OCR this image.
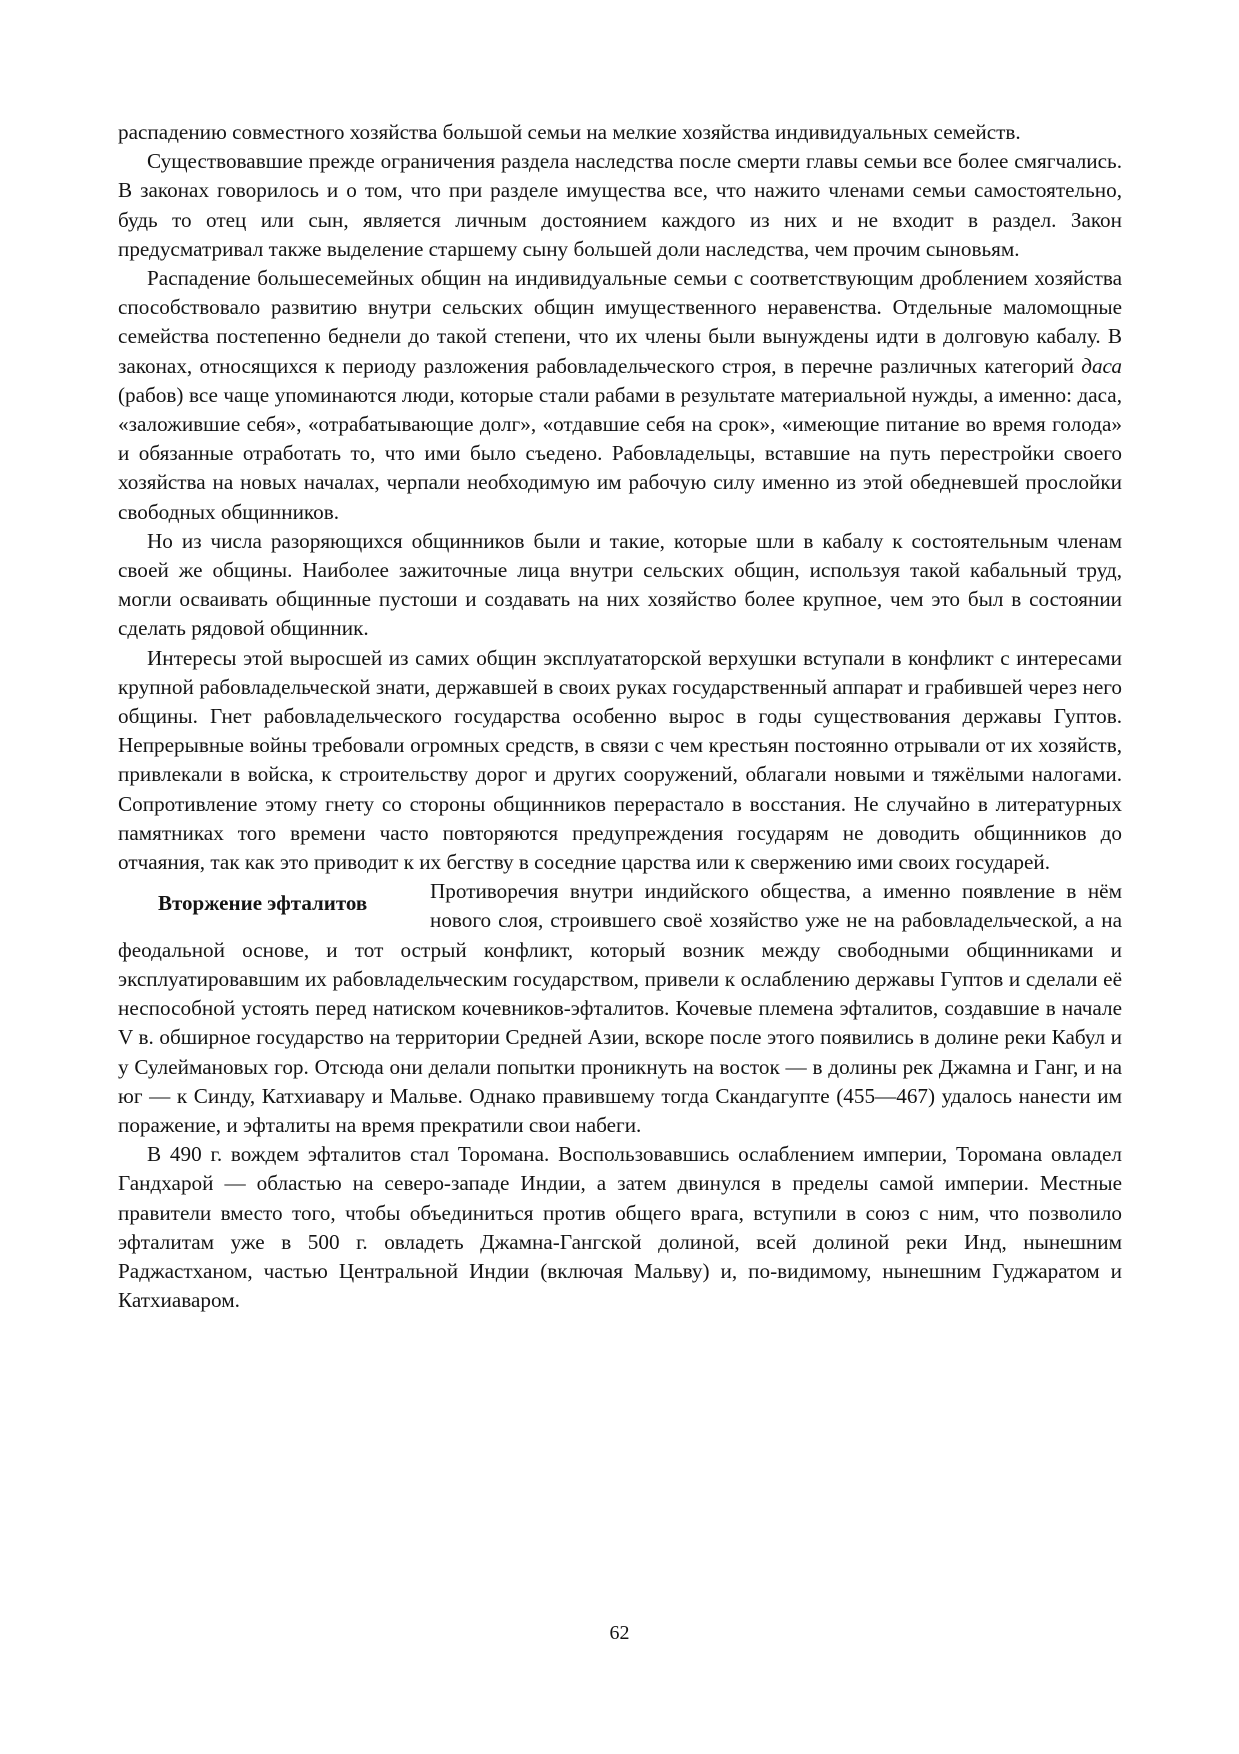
распадению совместного хозяйства большой семьи на мелкие хозяйства индивидуальных семейств.

Существовавшие прежде ограничения раздела наследства после смерти главы семьи все более смягчались. В законах говорилось и о том, что при разделе имущества все, что нажито членами семьи самостоятельно, будь то отец или сын, является личным достоянием каждого из них и не входит в раздел. Закон предусматривал также выделение старшему сыну большей доли наследства, чем прочим сыновьям.

Распадение большесемейных общин на индивидуальные семьи с соответствующим дроблением хозяйства способствовало развитию внутри сельских общин имущественного неравенства. Отдельные маломощные семейства постепенно беднели до такой степени, что их члены были вынуждены идти в долговую кабалу. В законах, относящихся к периоду разложения рабовладельческого строя, в перечне различных категорий даса (рабов) все чаще упоминаются люди, которые стали рабами в результате материальной нужды, а именно: даса, «заложившие себя», «отрабатывающие долг», «отдавшие себя на срок», «имеющие питание во время голода» и обязанные отработать то, что ими было съедено. Рабовладельцы, вставшие на путь перестройки своего хозяйства на новых началах, черпали необходимую им рабочую силу именно из этой обедневшей прослойки свободных общинников.

Но из числа разоряющихся общинников были и такие, которые шли в кабалу к состоятельным членам своей же общины. Наиболее зажиточные лица внутри сельских общин, используя такой кабальный труд, могли осваивать общинные пустоши и создавать на них хозяйство более крупное, чем это был в состоянии сделать рядовой общинник.

Интересы этой выросшей из самих общин эксплуататорской верхушки вступали в конфликт с интересами крупной рабовладельческой знати, державшей в своих руках государственный аппарат и грабившей через него общины. Гнет рабовладельческого государства особенно вырос в годы существования державы Гуптов. Непрерывные войны требовали огромных средств, в связи с чем крестьян постоянно отрывали от их хозяйств, привлекали в войска, к строительству дорог и других сооружений, облагали новыми и тяжёлыми налогами. Сопротивление этому гнету со стороны общинников перерастало в восстания. Не случайно в литературных памятниках того времени часто повторяются предупреждения государям не доводить общинников до отчаяния, так как это приводит к их бегству в соседние царства или к свержению ими своих государей.

Вторжение эфталитов	Противоречия внутри индийского общества, а именно появление в нём нового слоя, строившего своё хозяйство уже не на рабовладельческой, а на феодальной основе, и тот острый конфликт, который возник между свободными общинниками и эксплуатировавшим их рабовладельческим государством, привели к ослаблению державы Гуптов и сделали её неспособной устоять перед натиском кочевников-эфталитов. Кочевые племена эфталитов, создавшие в начале V в. обширное государство на территории Средней Азии, вскоре после этого появились в долине реки Кабул и у Сулеймановых гор. Отсюда они делали попытки проникнуть на восток — в долины рек Джамна и Ганг, и на юг — к Синду, Катхиавару и Мальве. Однако правившему тогда Скандагупте (455—467) удалось нанести им поражение, и эфталиты на время прекратили свои набеги.

В 490 г. вождем эфталитов стал Торомана. Воспользовавшись ослаблением империи, Торомана овладел Гандхарой — областью на северо-западе Индии, а затем двинулся в пределы самой империи. Местные правители вместо того, чтобы объединиться против общего врага, вступили в союз с ним, что позволило эфталитам уже в 500 г. овладеть Джамна-Гангской долиной, всей долиной реки Инд, нынешним Раджастханом, частью Центральной Индии (включая Мальву) и, по-видимому, нынешним Гуджаратом и Катхиаваром.

62
